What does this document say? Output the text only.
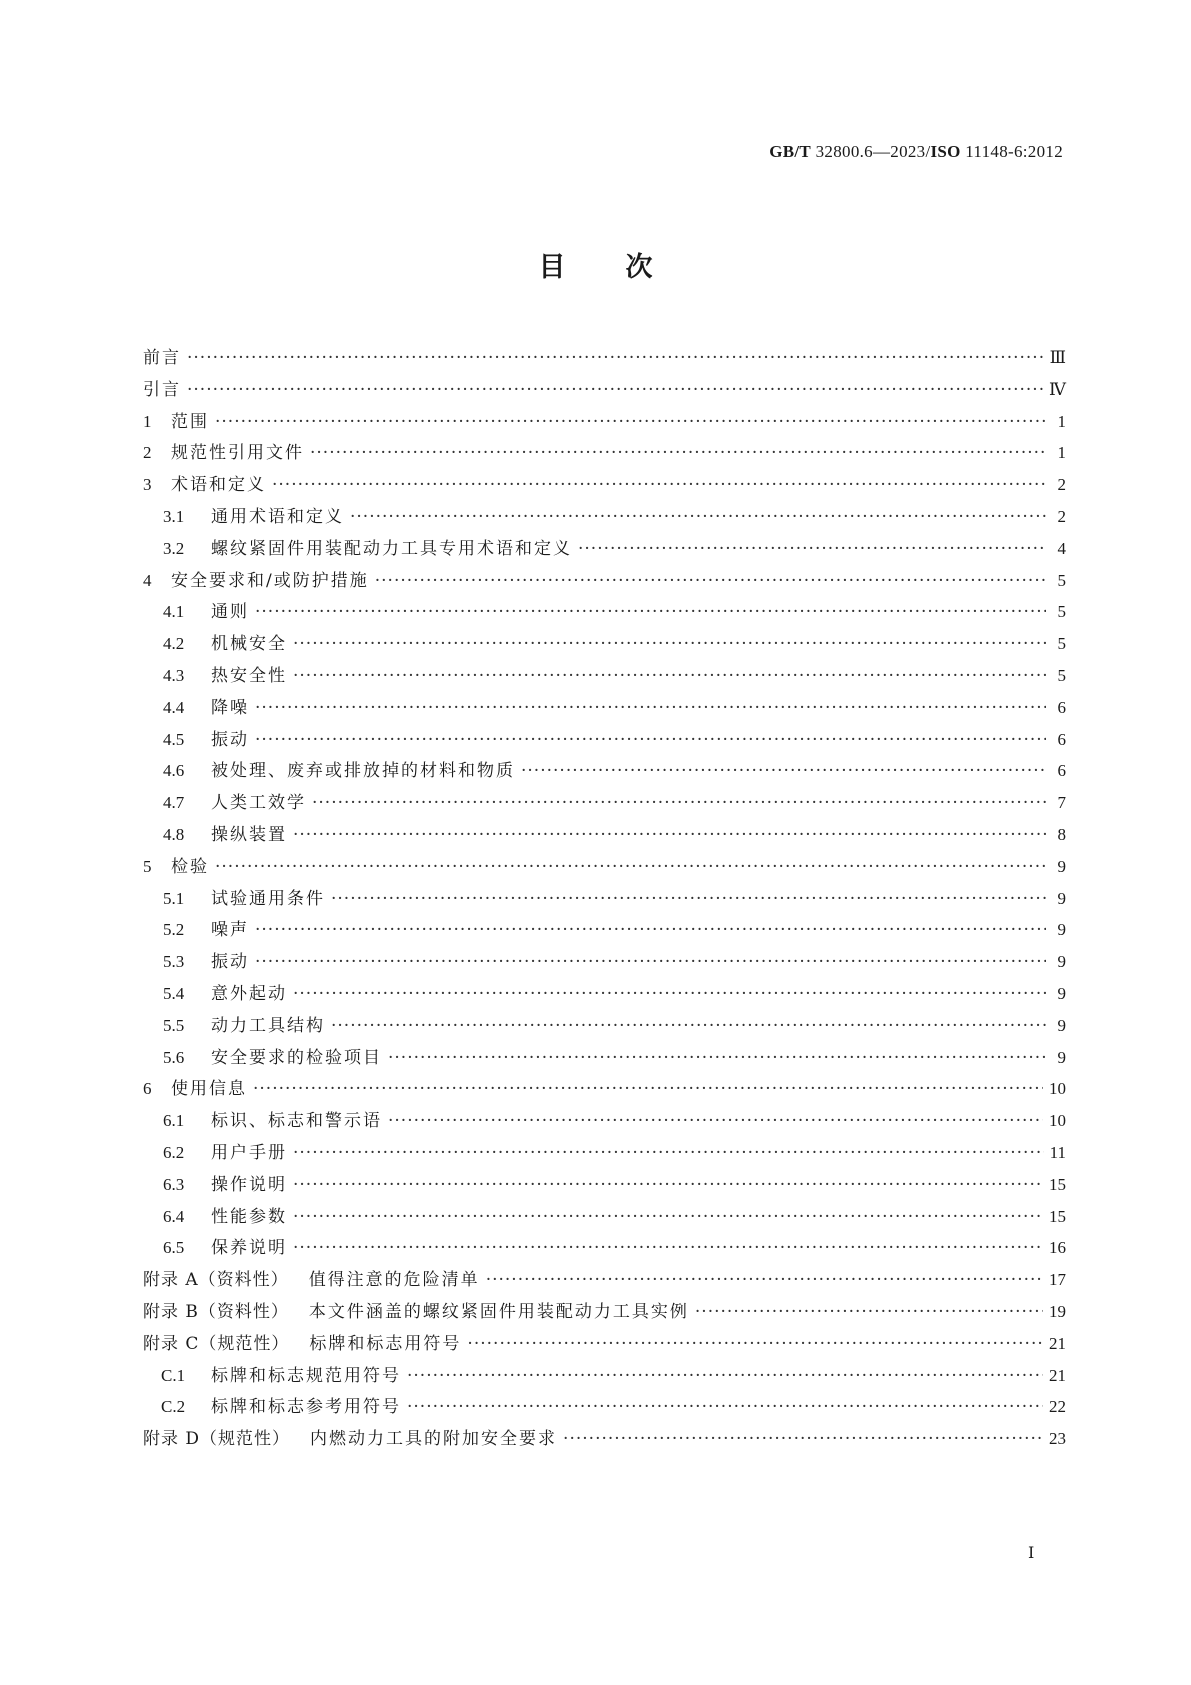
GB/T 32800.6—2023/ISO 11148-6:2012
目次
前言 ·····	Ⅲ
引言 ·····	Ⅳ
1	范围 ·····	1
2	规范性引用文件 ·····	1
3	术语和定义 ·····	2
3.1	通用术语和定义 ·····	2
3.2	螺纹紧固件用装配动力工具专用术语和定义 ·····	4
4	安全要求和/或防护措施 ·····	5
4.1	通则 ·····	5
4.2	机械安全 ·····	5
4.3	热安全性 ·····	5
4.4	降噪 ·····	6
4.5	振动 ·····	6
4.6	被处理、废弃或排放掉的材料和物质 ·····	6
4.7	人类工效学 ·····	7
4.8	操纵装置 ·····	8
5	检验 ·····	9
5.1	试验通用条件 ·····	9
5.2	噪声 ·····	9
5.3	振动 ·····	9
5.4	意外起动 ·····	9
5.5	动力工具结构 ·····	9
5.6	安全要求的检验项目 ·····	9
6	使用信息 ·····	10
6.1	标识、标志和警示语 ·····	10
6.2	用户手册 ·····	11
6.3	操作说明 ·····	15
6.4	性能参数 ·····	15
6.5	保养说明 ·····	16
附录 A（资料性） 值得注意的危险清单 ·····	17
附录 B（资料性） 本文件涵盖的螺纹紧固件用装配动力工具实例 ·····	19
附录 C（规范性） 标牌和标志用符号 ·····	21
C.1	标牌和标志规范用符号 ·····	21
C.2	标牌和标志参考用符号 ·····	22
附录 D（规范性） 内燃动力工具的附加安全要求 ·····	23
Ⅰ
